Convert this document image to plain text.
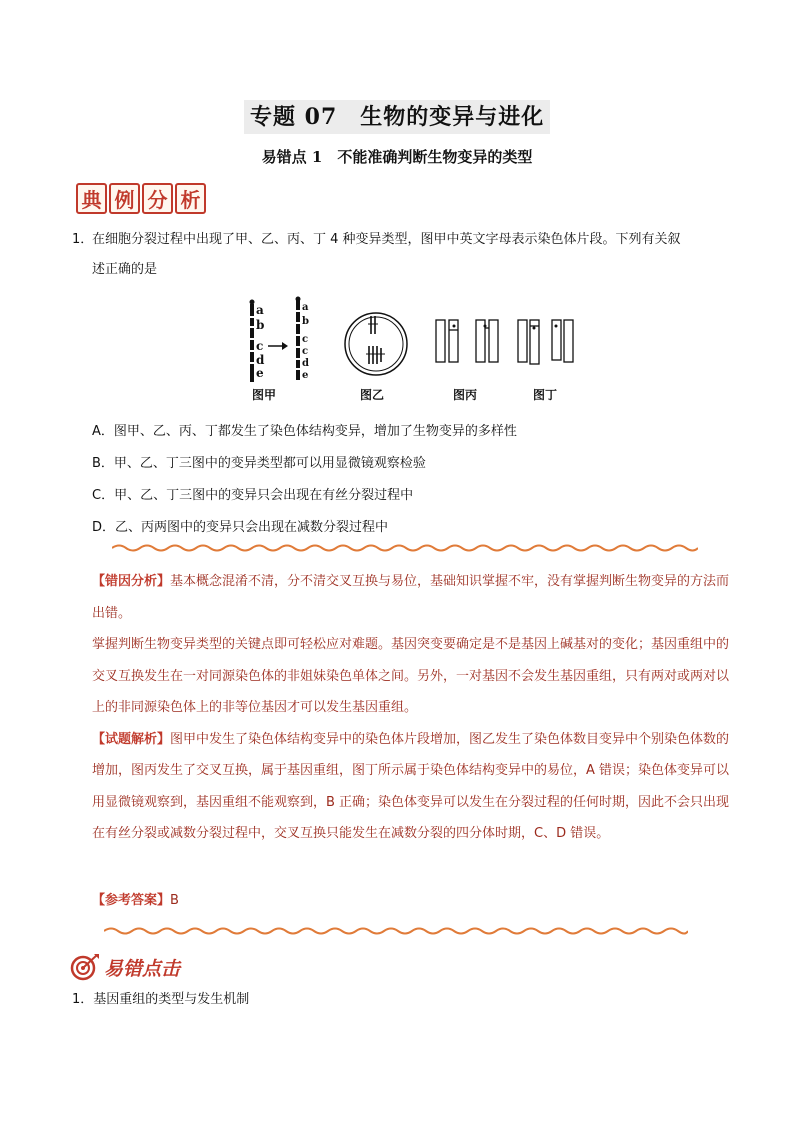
专题 07　生物的变异与进化
易错点 1　不能准确判断生物变异的类型
典 例 分 析
1．在细胞分裂过程中出现了甲、乙、丙、丁 4 种变异类型，图甲中英文字母表示染色体片段。下列有关叙
述正确的是
a
b
c
d
e
a
b
c
c
d
e
图甲	图乙	图丙	图丁
A．图甲、乙、丙、丁都发生了染色体结构变异，增加了生物变异的多样性
B．甲、乙、丁三图中的变异类型都可以用显微镜观察检验
C．甲、乙、丁三图中的变异只会出现在有丝分裂过程中
D．乙、丙两图中的变异只会出现在减数分裂过程中

【错因分析】基本概念混淆不清，分不清交叉互换与易位，基础知识掌握不牢，没有掌握判断生物变异的方法而出错。

掌握判断生物变异类型的关键点即可轻松应对难题。基因突变要确定是不是基因上碱基对的变化；基因重组中的交叉互换发生在一对同源染色体的非姐妹染色单体之间。另外，一对基因不会发生基因重组，只有两对或两对以上的非同源染色体上的非等位基因才可以发生基因重组。

【试题解析】图甲中发生了染色体结构变异中的染色体片段增加，图乙发生了染色体数目变异中个别染色体数的增加，图丙发生了交叉互换，属于基因重组，图丁所示属于染色体结构变异中的易位，A 错误；染色体变异可以用显微镜观察到，基因重组不能观察到，B 正确；染色体变异可以发生在分裂过程的任何时期，因此不会只出现在有丝分裂或减数分裂过程中，交叉互换只能发生在减数分裂的四分体时期，C、D 错误。

【参考答案】B
易错点击
1．基因重组的类型与发生机制
